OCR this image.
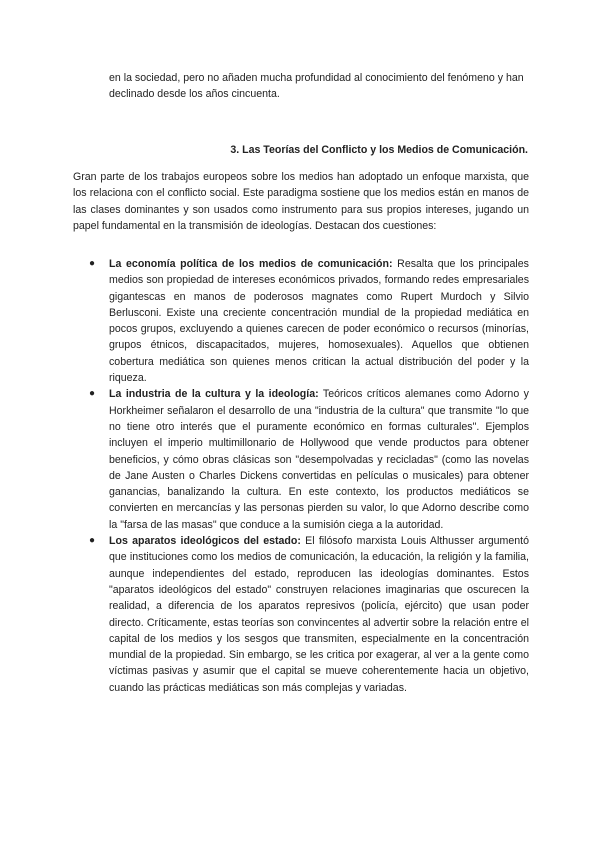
en la sociedad, pero no añaden mucha profundidad al conocimiento del fenómeno y han declinado desde los años cincuenta.

3. Las Teorías del Conflicto y los Medios de Comunicación.

Gran parte de los trabajos europeos sobre los medios han adoptado un enfoque marxista, que los relaciona con el conflicto social. Este paradigma sostiene que los medios están en manos de las clases dominantes y son usados como instrumento para sus propios intereses, jugando un papel fundamental en la transmisión de ideologías. Destacan dos cuestiones:

● La economía política de los medios de comunicación: Resalta que los principales medios son propiedad de intereses económicos privados, formando redes empresariales gigantescas en manos de poderosos magnates como Rupert Murdoch y Silvio Berlusconi. Existe una creciente concentración mundial de la propiedad mediática en pocos grupos, excluyendo a quienes carecen de poder económico o recursos (minorías, grupos étnicos, discapacitados, mujeres, homosexuales). Aquellos que obtienen cobertura mediática son quienes menos critican la actual distribución del poder y la riqueza.
● La industria de la cultura y la ideología: Teóricos críticos alemanes como Adorno y Horkheimer señalaron el desarrollo de una "industria de la cultura" que transmite "lo que no tiene otro interés que el puramente económico en formas culturales". Ejemplos incluyen el imperio multimillonario de Hollywood que vende productos para obtener beneficios, y cómo obras clásicas son "desempolvadas y recicladas" (como las novelas de Jane Austen o Charles Dickens convertidas en películas o musicales) para obtener ganancias, banalizando la cultura. En este contexto, los productos mediáticos se convierten en mercancías y las personas pierden su valor, lo que Adorno describe como la "farsa de las masas" que conduce a la sumisión ciega a la autoridad.
● Los aparatos ideológicos del estado: El filósofo marxista Louis Althusser argumentó que instituciones como los medios de comunicación, la educación, la religión y la familia, aunque independientes del estado, reproducen las ideologías dominantes. Estos "aparatos ideológicos del estado" construyen relaciones imaginarias que oscurecen la realidad, a diferencia de los aparatos represivos (policía, ejército) que usan poder directo. Críticamente, estas teorías son convincentes al advertir sobre la relación entre el capital de los medios y los sesgos que transmiten, especialmente en la concentración mundial de la propiedad. Sin embargo, se les critica por exagerar, al ver a la gente como víctimas pasivas y asumir que el capital se mueve coherentemente hacia un objetivo, cuando las prácticas mediáticas son más complejas y variadas.
